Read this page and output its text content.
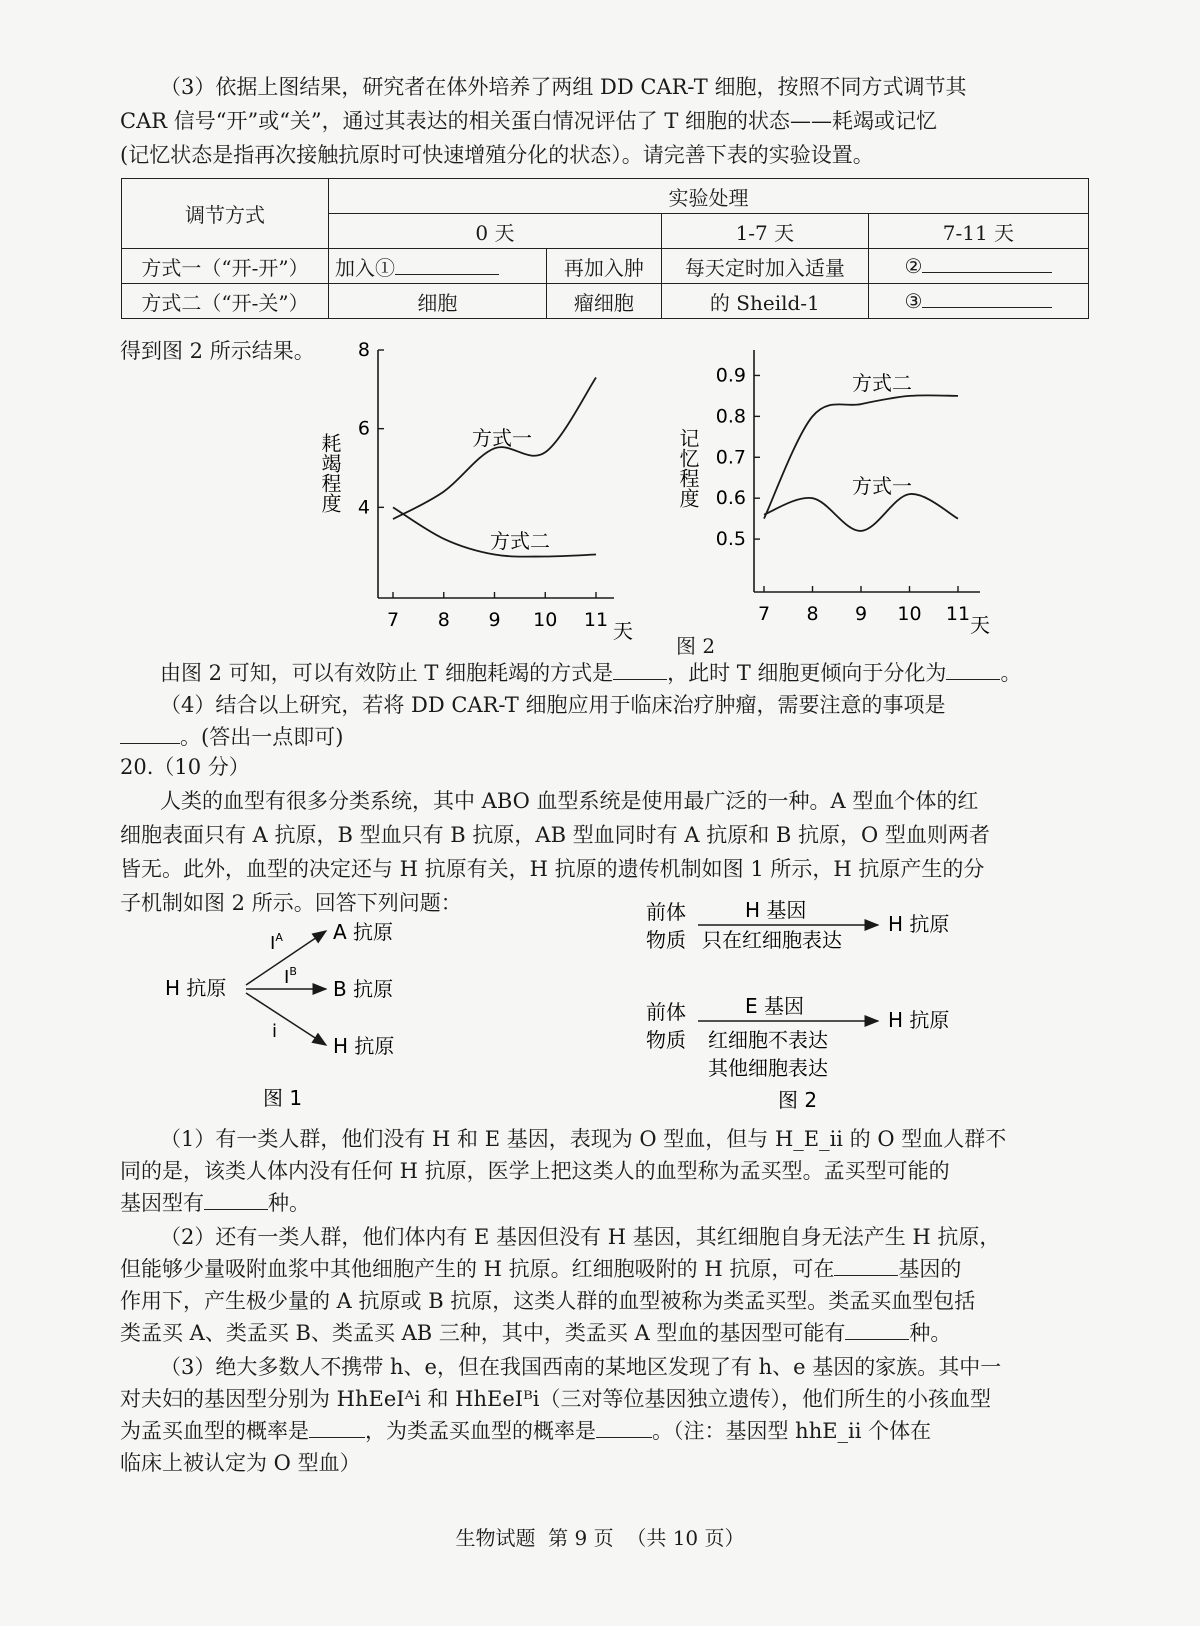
（3）依据上图结果，研究者在体外培养了两组 DD CAR-T 细胞，按照不同方式调节其
CAR 信号“开”或“关”，通过其表达的相关蛋白情况评估了 T 细胞的状态——耗竭或记忆
(记忆状态是指再次接触抗原时可快速增殖分化的状态）。请完善下表的实验设置。
调节方式	实验处理			
	0 天		1-7 天	7-11 天
方式一（“开-开”）	加入①	再加入肿	每天定时加入适量	②
方式二（“开-关”）	细胞	瘤细胞	的 Sheild-1	③
得到图 2 所示结果。
4
6
8
7 8 9 10 11
方式一
方式二
耗竭程度
天
0.5
0.6
0.7
0.8
0.9
7 8 9 10 11
方式二
方式一
记忆程度
天
图 2
由图 2 可知，可以有效防止 T 细胞耗竭的方式是	，此时 T 细胞更倾向于分化为	。
（4）结合以上研究，若将 DD CAR-T 细胞应用于临床治疗肿瘤，需要注意的事项是
。(答出一点即可)
20.（10 分）
人类的血型有很多分类系统，其中 ABO 血型系统是使用最广泛的一种。A 型血个体的红
细胞表面只有 A 抗原，B 型血只有 B 抗原，AB 型血同时有 A 抗原和 B 抗原，O 型血则两者
皆无。此外，血型的决定还与 H 抗原有关，H 抗原的遗传机制如图 1 所示，H 抗原产生的分
子机制如图 2 所示。回答下列问题：
H 抗原
$I^A$
$I^B$
i
A 抗原
B 抗原
H 抗原
图 1
前体
物质
H 基因
只在红细胞表达
H 抗原
前体
物质
E 基因
红细胞不表达
其他细胞表达
H 抗原
图 2
（1）有一类人群，他们没有 H 和 E 基因，表现为 O 型血，但与 H_E_ii 的 O 型血人群不
同的是，该类人体内没有任何 H 抗原，医学上把这类人的血型称为孟买型。孟买型可能的
基因型有	种。
（2）还有一类人群，他们体内有 E 基因但没有 H 基因，其红细胞自身无法产生 H 抗原，
但能够少量吸附血浆中其他细胞产生的 H 抗原。红细胞吸附的 H 抗原，可在	基因的
作用下，产生极少量的 A 抗原或 B 抗原，这类人群的血型被称为类孟买型。类孟买血型包括
类孟买 A、类孟买 B、类孟买 AB 三种，其中，类孟买 A 型血的基因型可能有	种。
（3）绝大多数人不携带 h、e，但在我国西南的某地区发现了有 h、e 基因的家族。其中一
对夫妇的基因型分别为 HhEeIᴬi 和 HhEeIᴮi（三对等位基因独立遗传），他们所生的小孩血型
为孟买血型的概率是	，为类孟买血型的概率是	。（注：基因型 hhE_ii 个体在
临床上被认定为 O 型血）
生物试题  第 9 页  （共 10 页）
